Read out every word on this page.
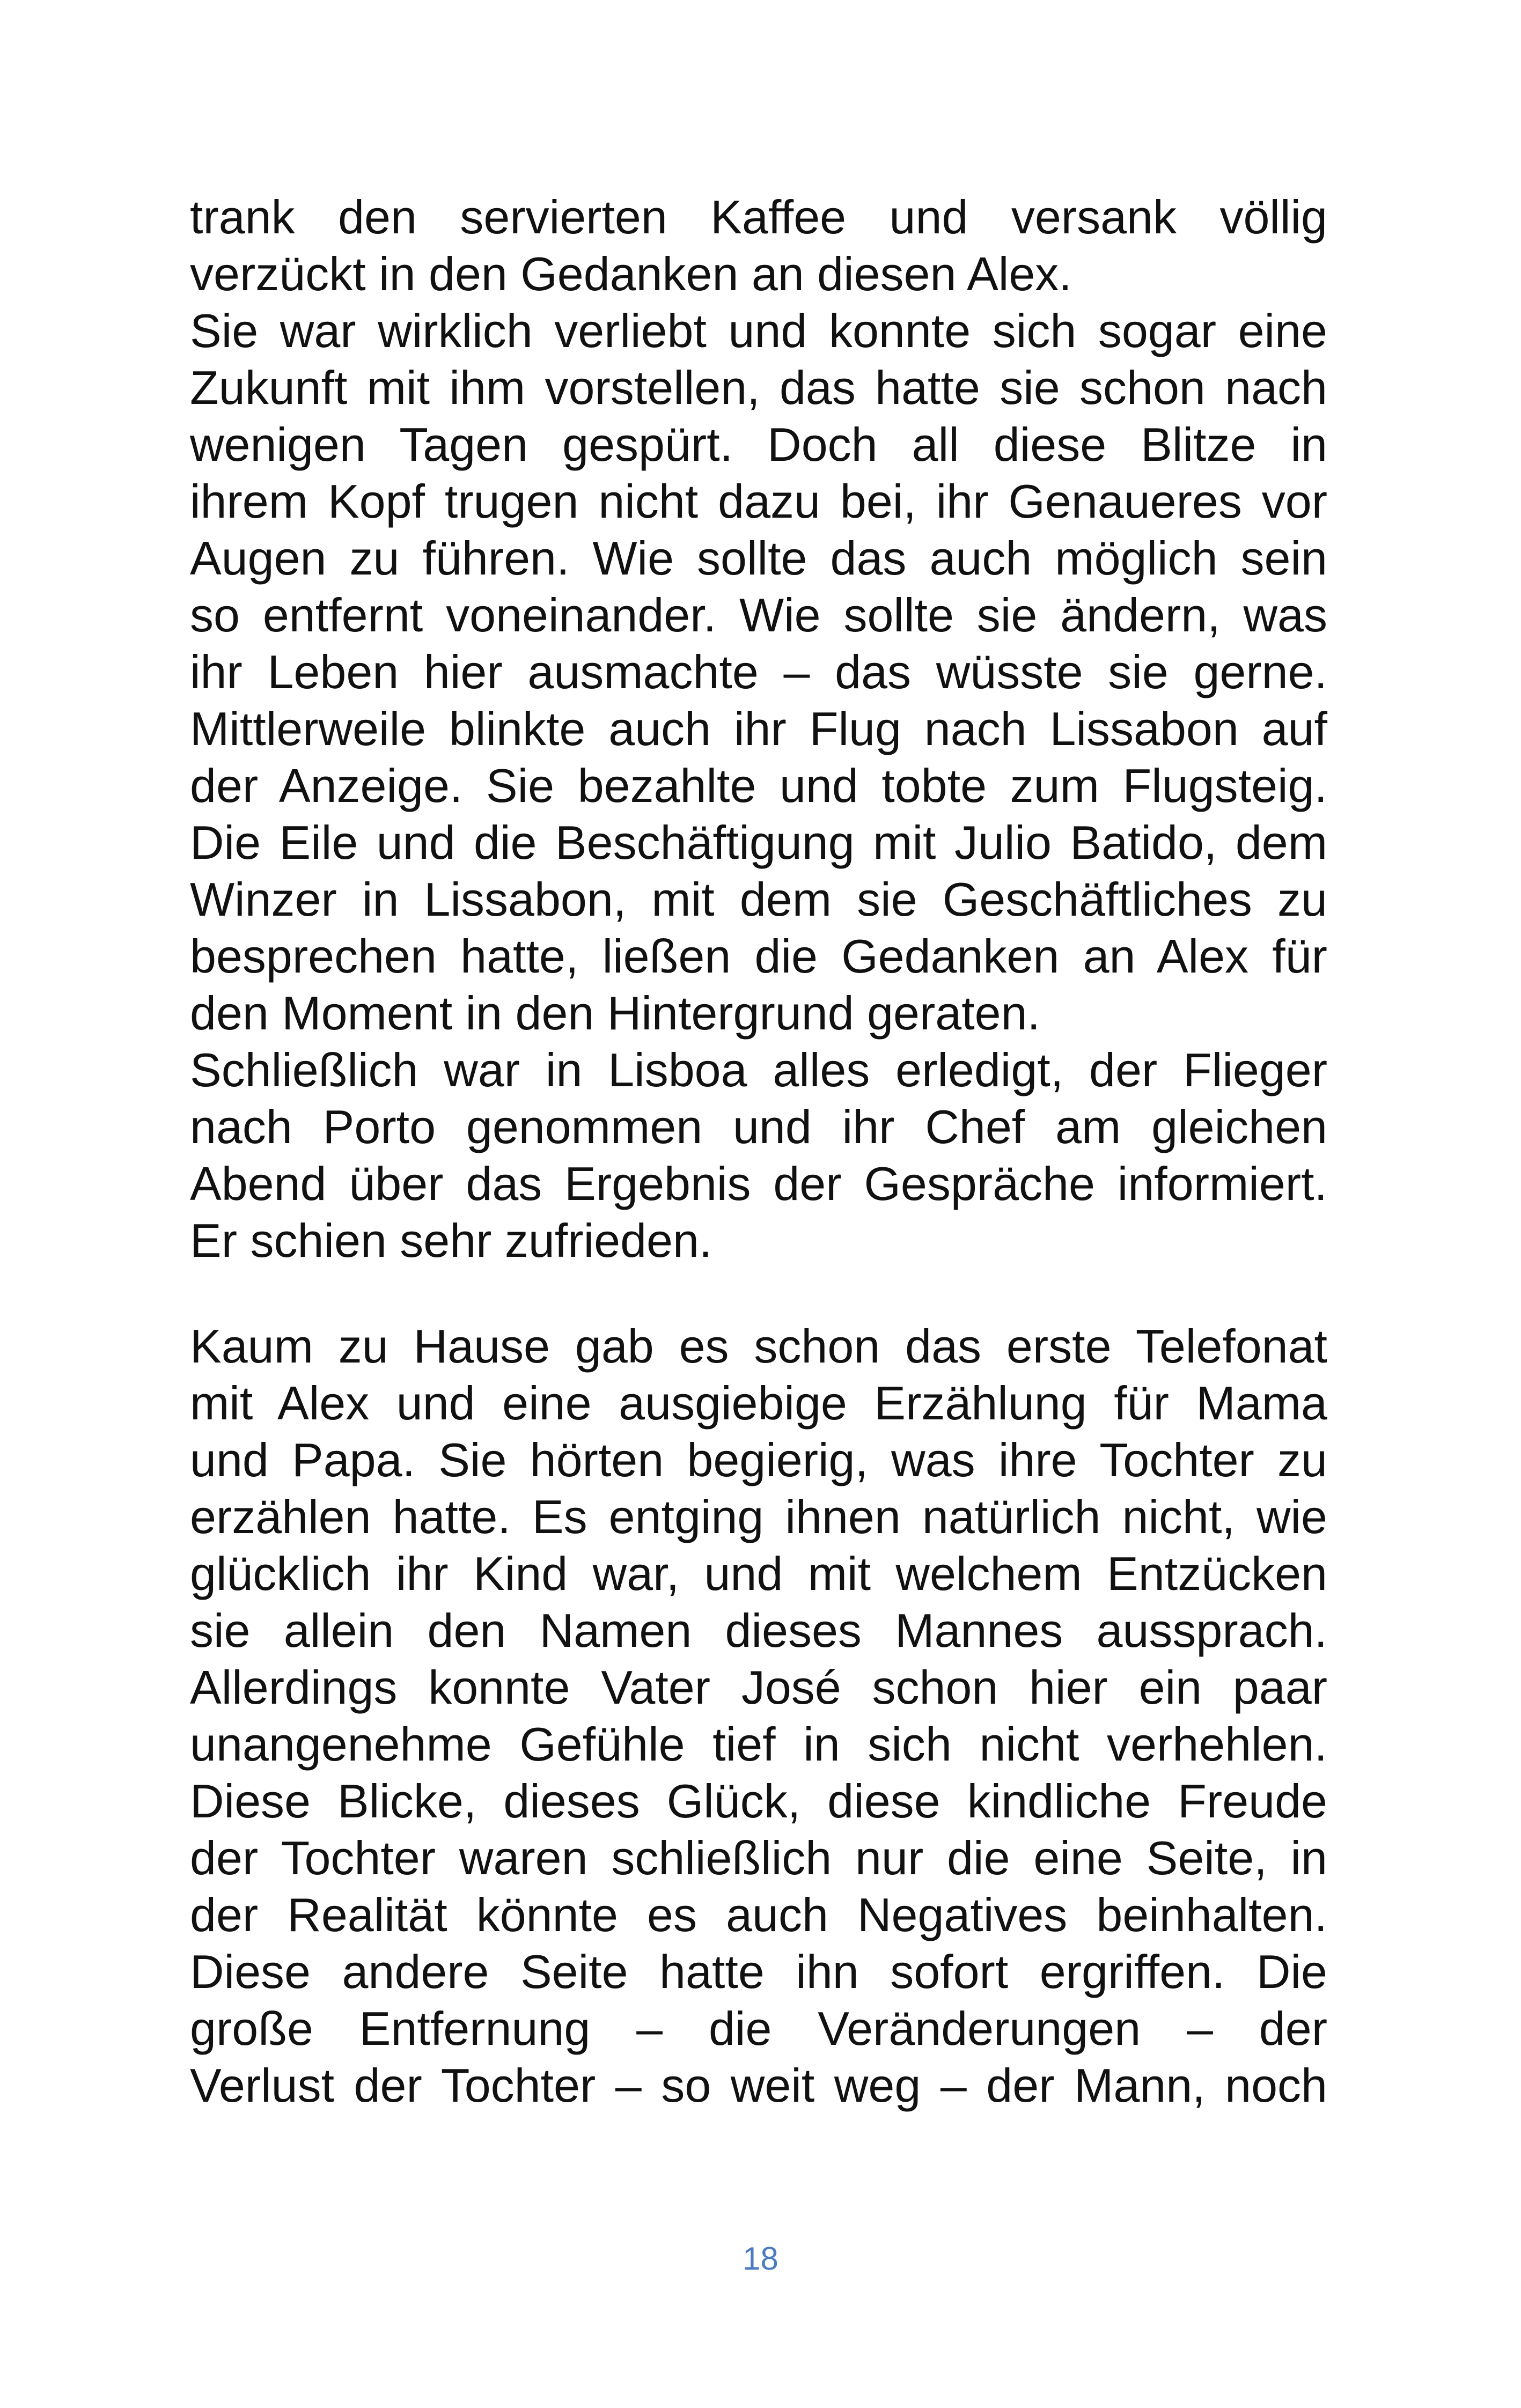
trank den servierten Kaffee und versank völlig
verzückt in den Gedanken an diesen Alex.
Sie war wirklich verliebt und konnte sich sogar eine
Zukunft mit ihm vorstellen, das hatte sie schon nach
wenigen Tagen gespürt. Doch all diese Blitze in
ihrem Kopf trugen nicht dazu bei, ihr Genaueres vor
Augen zu führen. Wie sollte das auch möglich sein
so entfernt voneinander. Wie sollte sie ändern, was
ihr Leben hier ausmachte – das wüsste sie gerne.
Mittlerweile blinkte auch ihr Flug nach Lissabon auf
der Anzeige. Sie bezahlte und tobte zum Flugsteig.
Die Eile und die Beschäftigung mit Julio Batido, dem
Winzer in Lissabon, mit dem sie Geschäftliches zu
besprechen hatte, ließen die Gedanken an Alex für
den Moment in den Hintergrund geraten.
Schließlich war in Lisboa alles erledigt, der Flieger
nach Porto genommen und ihr Chef am gleichen
Abend über das Ergebnis der Gespräche informiert.
Er schien sehr zufrieden.
Kaum zu Hause gab es schon das erste Telefonat
mit Alex und eine ausgiebige Erzählung für Mama
und Papa. Sie hörten begierig, was ihre Tochter zu
erzählen hatte. Es entging ihnen natürlich nicht, wie
glücklich ihr Kind war, und mit welchem Entzücken
sie allein den Namen dieses Mannes aussprach.
Allerdings konnte Vater José schon hier ein paar
unangenehme Gefühle tief in sich nicht verhehlen.
Diese Blicke, dieses Glück, diese kindliche Freude
der Tochter waren schließlich nur die eine Seite, in
der Realität könnte es auch Negatives beinhalten.
Diese andere Seite hatte ihn sofort ergriffen. Die
große Entfernung – die Veränderungen – der
Verlust der Tochter – so weit weg – der Mann, noch
18
